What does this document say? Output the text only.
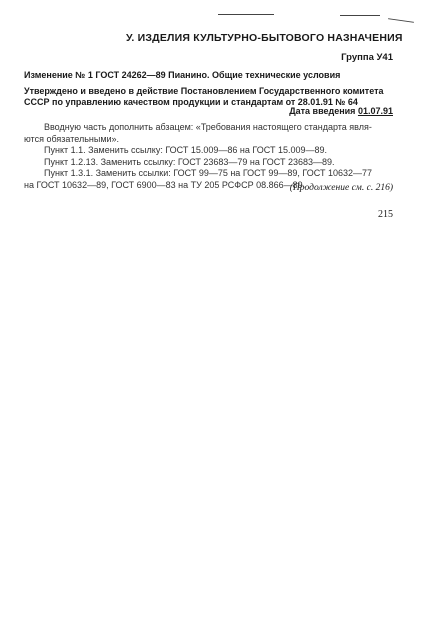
У. ИЗДЕЛИЯ КУЛЬТУРНО-БЫТОВОГО НАЗНАЧЕНИЯ
Группа У41
Изменение № 1 ГОСТ 24262—89 Пианино. Общие технические условия
Утверждено и введено в действие Постановлением Государственного комитета
СССР по управлению качеством продукции и стандартам от 28.01.91 № 64
Дата введения 01.07.91
Вводную часть дополнить абзацем: «Требования настоящего стандарта явля-
ются обязательными».
Пункт 1.1. Заменить ссылку: ГОСТ 15.009—86 на ГОСТ 15.009—89.
Пункт 1.2.13. Заменить ссылку: ГОСТ 23683—79 на ГОСТ 23683—89.
Пункт 1.3.1. Заменить ссылки: ГОСТ 99—75 на ГОСТ 99—89, ГОСТ 10632—77
на ГОСТ 10632—89, ГОСТ 6900—83 на ТУ 205 РСФСР 08.866—89.
(Продолжение см. с. 216)
215
